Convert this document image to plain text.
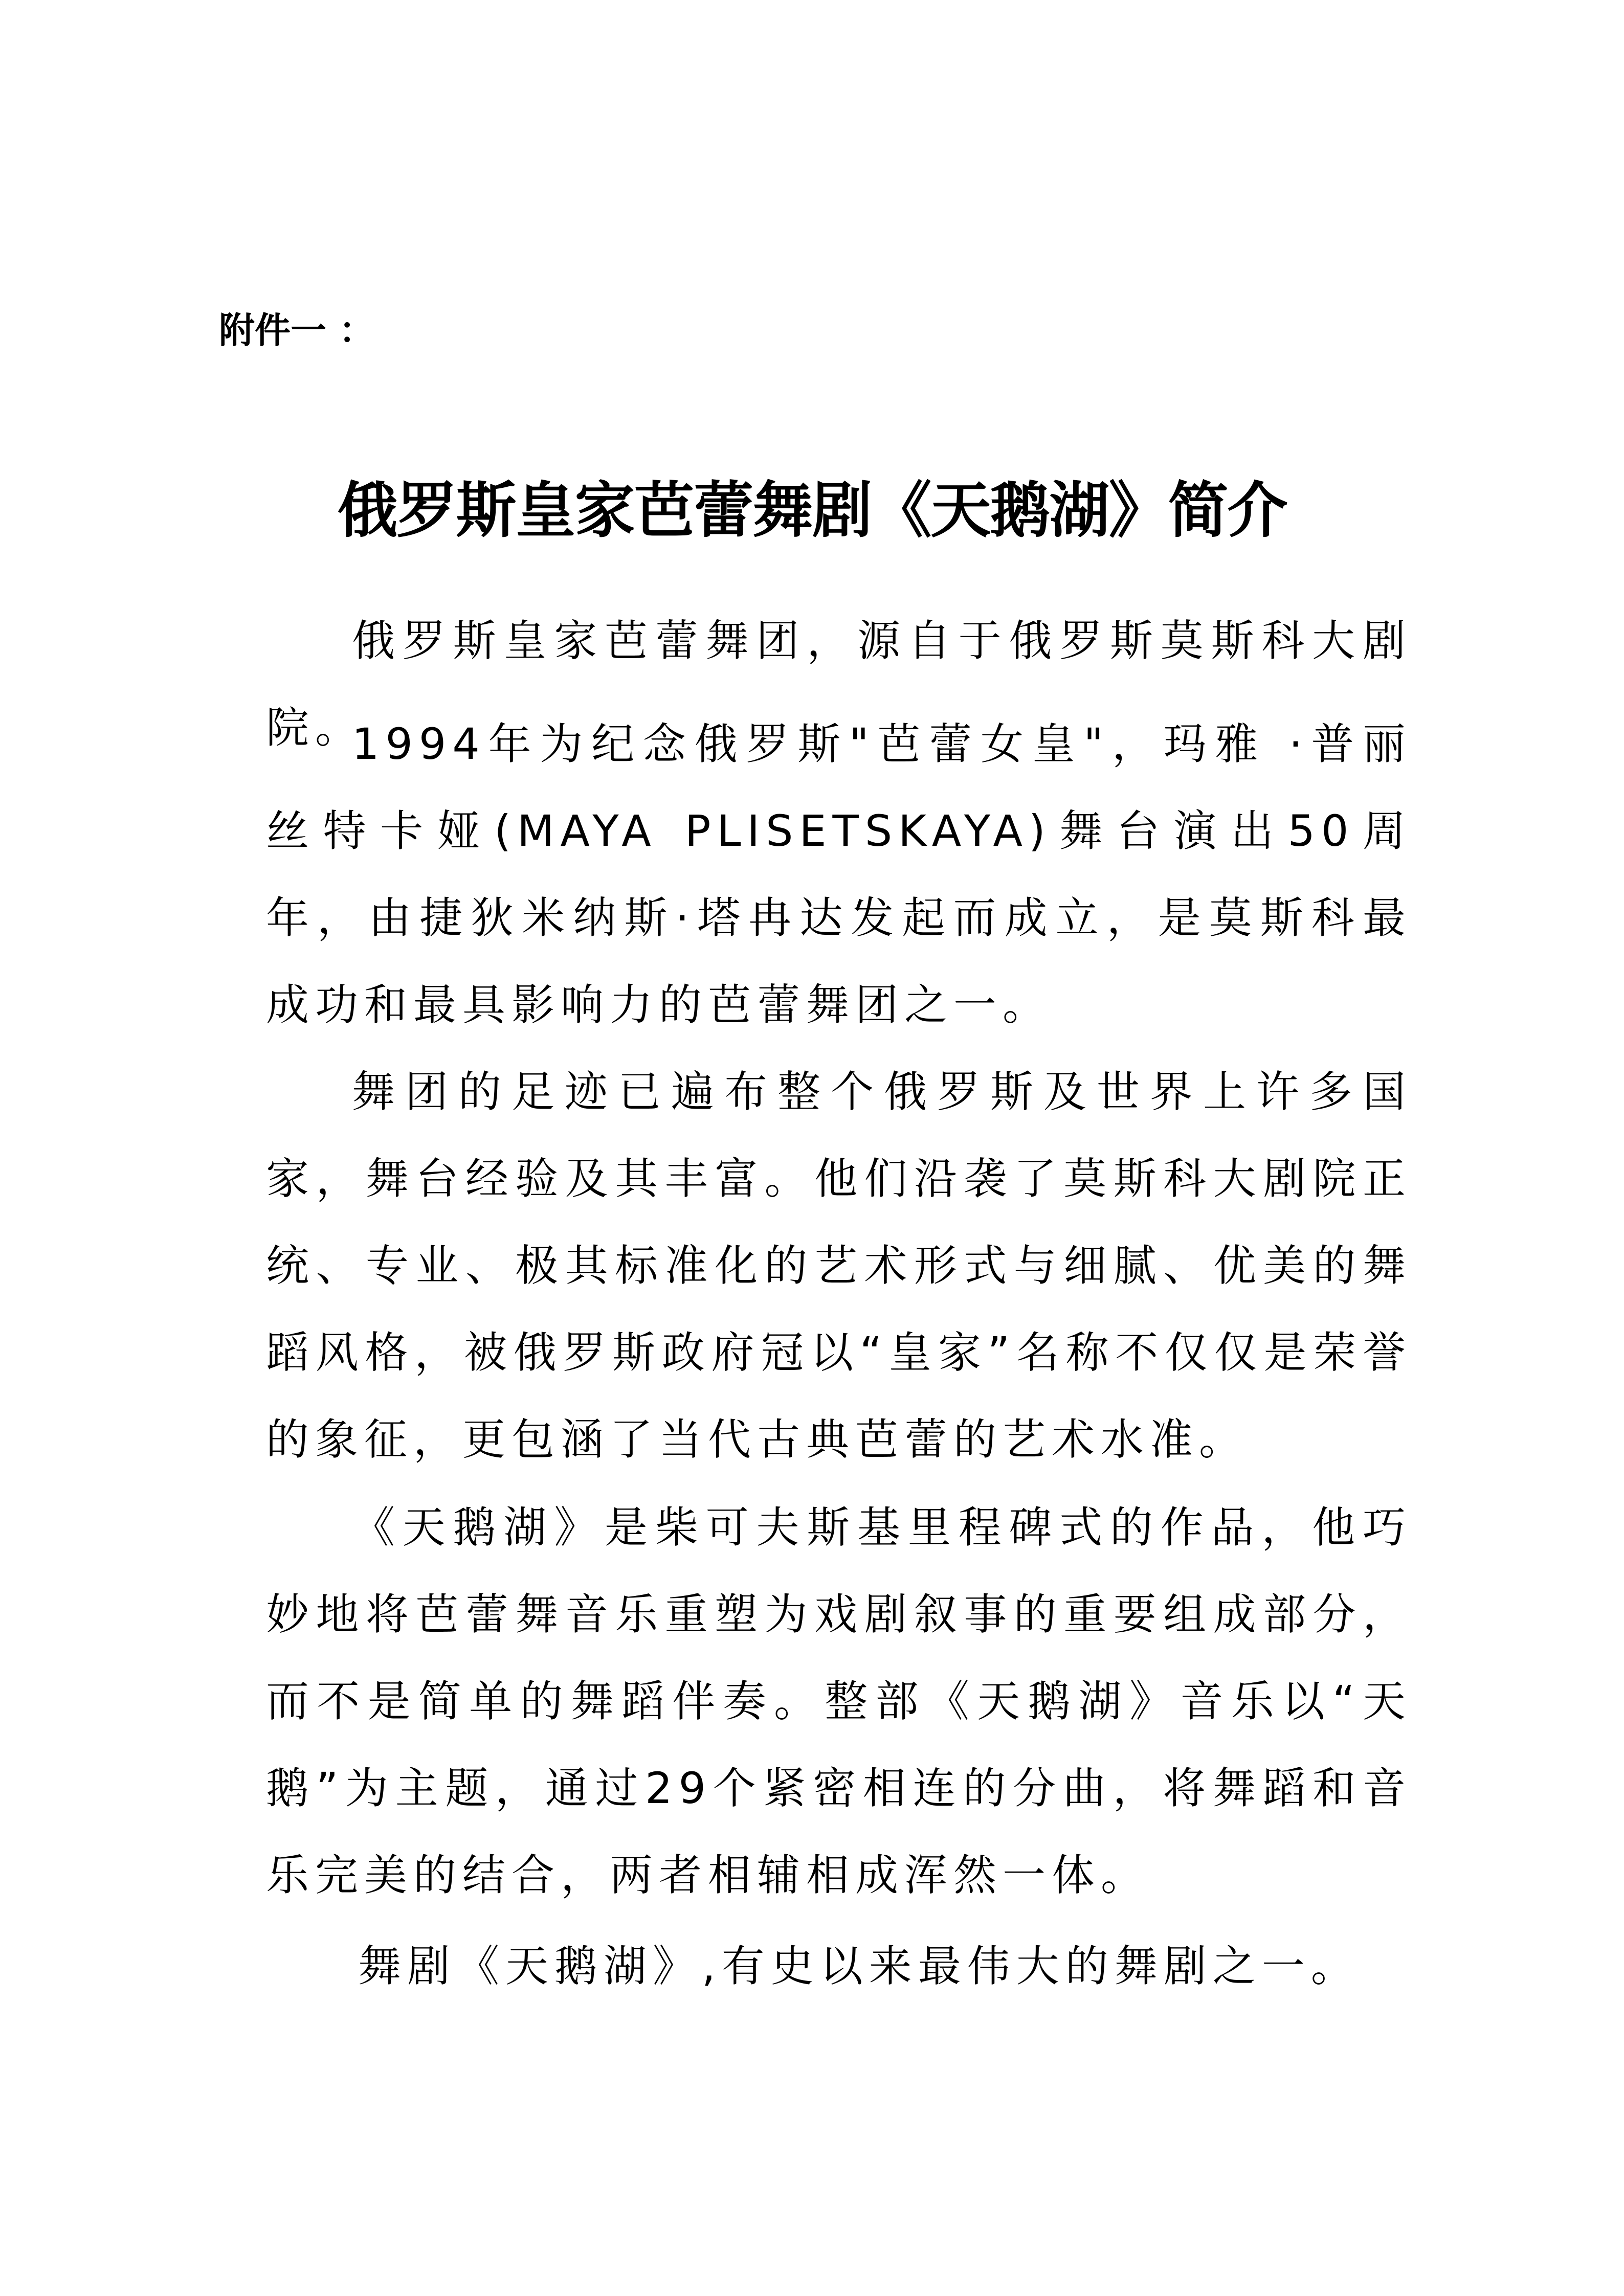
附件一 ：
俄罗斯皇家芭蕾舞剧《天鹅湖》简介

俄罗斯皇家芭蕾舞团，源自于俄罗斯莫斯科大剧院。

1994年为纪念俄罗斯"芭蕾女皇"，玛雅 ·普丽丝特卡娅(MAYA PLISETSKAYA)舞台演出50周年，由捷狄米纳斯·塔冉达发起而成立，是莫斯科最成功和最具影响力的芭蕾舞团之一。

舞团的足迹已遍布整个俄罗斯及世界上许多国家，舞台经验及其丰富。他们沿袭了莫斯科大剧院正统、专业、极其标准化的艺术形式与细腻、优美的舞蹈风格，被俄罗斯政府冠以“皇家”名称不仅仅是荣誉的象征，更包涵了当代古典芭蕾的艺术水准。

《天鹅湖》是柴可夫斯基里程碑式的作品，他巧妙地将芭蕾舞音乐重塑为戏剧叙事的重要组成部分，而不是简单的舞蹈伴奏。整部《天鹅湖》音乐以“天鹅”为主题，通过29个紧密相连的分曲，将舞蹈和音乐完美的结合，两者相辅相成浑然一体。

舞剧《天鹅湖》,有史以来最伟大的舞剧之一。
